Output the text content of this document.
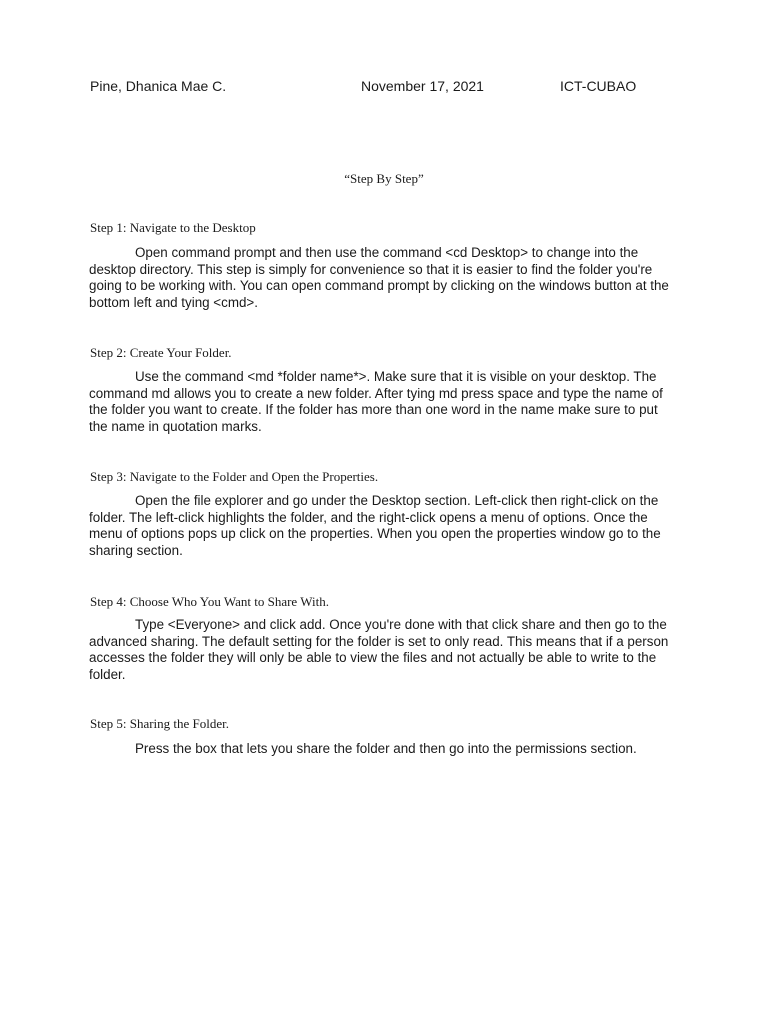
Pine, Dhanica Mae C.	November 17, 2021	ICT-CUBAO
“Step By Step”
Step 1: Navigate to the Desktop

Open command prompt and then use the command <cd Desktop> to change into the desktop directory. This step is simply for convenience so that it is easier to find the folder you're going to be working with. You can open command prompt by clicking on the windows button at the bottom left and tying <cmd>.

Step 2: Create Your Folder.

Use the command <md *folder name*>. Make sure that it is visible on your desktop. The command md allows you to create a new folder. After tying md press space and type the name of the folder you want to create. If the folder has more than one word in the name make sure to put the name in quotation marks.

Step 3: Navigate to the Folder and Open the Properties.

Open the file explorer and go under the Desktop section. Left-click then right-click on the folder. The left-click highlights the folder, and the right-click opens a menu of options. Once the menu of options pops up click on the properties. When you open the properties window go to the sharing section.

Step 4: Choose Who You Want to Share With.

Type <Everyone> and click add. Once you're done with that click share and then go to the advanced sharing. The default setting for the folder is set to only read. This means that if a person accesses the folder they will only be able to view the files and not actually be able to write to the folder.

Step 5: Sharing the Folder.

Press the box that lets you share the folder and then go into the permissions section.
